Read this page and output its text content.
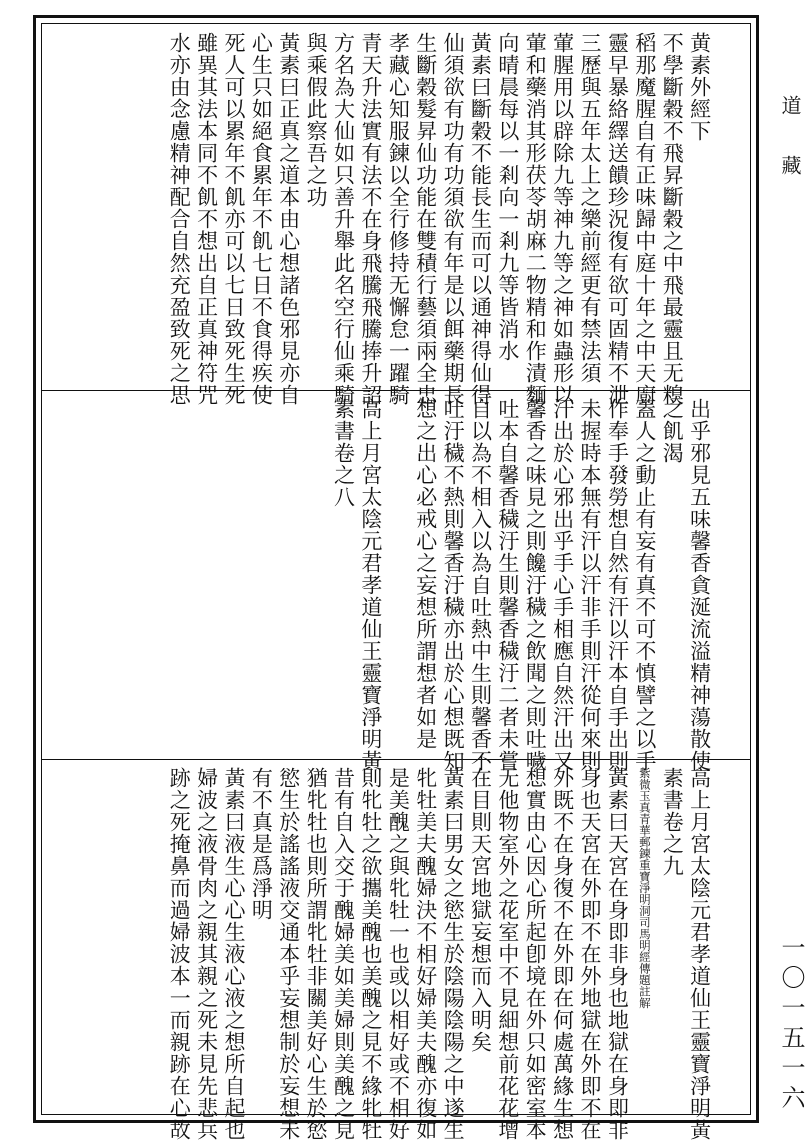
道藏
一〇一五一六
黄素外經下
不學斷穀不飛昇斷穀之中飛最靈且无糗
稻那魔腥自有正味歸中庭十年之中天廚
靈早暴絡繹送饋珍況復有欲可固精不泄
三歷與五年太上之樂前經更有禁法須
葷腥用以辟除九等神九等之神如蟲形以
葷和藥消其形茯苓胡麻二物精和作漬麵
向晴晨每以一剎向一剎九等皆消水
黃素曰斷穀不能長生而可以通神得仙得
仙須欲有功有功須欲有年是以餌藥期長
生斷穀髮昇仙功能在雙積行藝須兩全忠
孝藏心知服鍊以全行修持无懈怠一躍騎
青天升法實有法不在身飛騰飛騰捧升詔
方名為大仙如只善升舉此名空行仙乘騎
與乘假此察吾之功
黃素曰正真之道本由心想諸色邪見亦自
心生只如絕食累年不飢七日不食得疾使
死人可以累年不飢亦可以七日致死生死
雖異其法本同不飢不想出自正真神符咒
水亦由念慮精神配合自然充盈致死之思
出乎邪見五味馨香貪涎流溢精神蕩散使
之飢渴
蓋人之動止有妄有真不可不慎譬之以手
作奉手發勞想自然有汗以汗本自手出則
未握時本無有汗以汗非手則汗從何來則
汗出於心邪出乎手心手相應自然汗出又
馨香之味見之則饞汙穢之飲聞之則吐噦
吐本自馨香穢汙生則馨香穢汙二者未嘗
自以為不相入以為自吐熱中生則馨香不
吐汙穢不熱則馨香汙穢亦出於心想既知
想之出心必戒心之妄想所謂想者如是
高上月宮太陰元君孝道仙王靈寶淨明黃
素書卷之八
高上月宮太陰元君孝道仙王靈寶淨明黃
素書卷之九
紫微玉真青華郵鍊重寶淨明洞司馬明經傳題註解
黃素曰天宮在身即非身也地獄在身即非
身也天宮在外即不在外地獄在外即不在
外既不在身復不在外即在何處萬緣生想
想實由心因心所起卽境在外只如密室本
无他物室外之花室中不見細想前花花增
在目則天宮地獄妄想而入明矣
黃素曰男女之慾生於陰陽陰陽之中遂生
牝牡美夫醜婦決不相好婦美夫醜亦復如
是美醜之與牝牡一也或以相好或不相好
則牝牡之欲攜美醜也美醜之見不緣牝牡
昔有自入交于醜婦美如美婦則美醜之見
猶牝牡也則所謂牝牡非關美好心生於慾
慾生於謠謠液交通本乎妄想制於妄想未
有不真是爲淨明
黃素曰液生心心生液心液之想所自起也
婦波之液骨肉之親其親之死未見先悲兵
跡之死掩鼻而過婦波本一而親跡在心故
